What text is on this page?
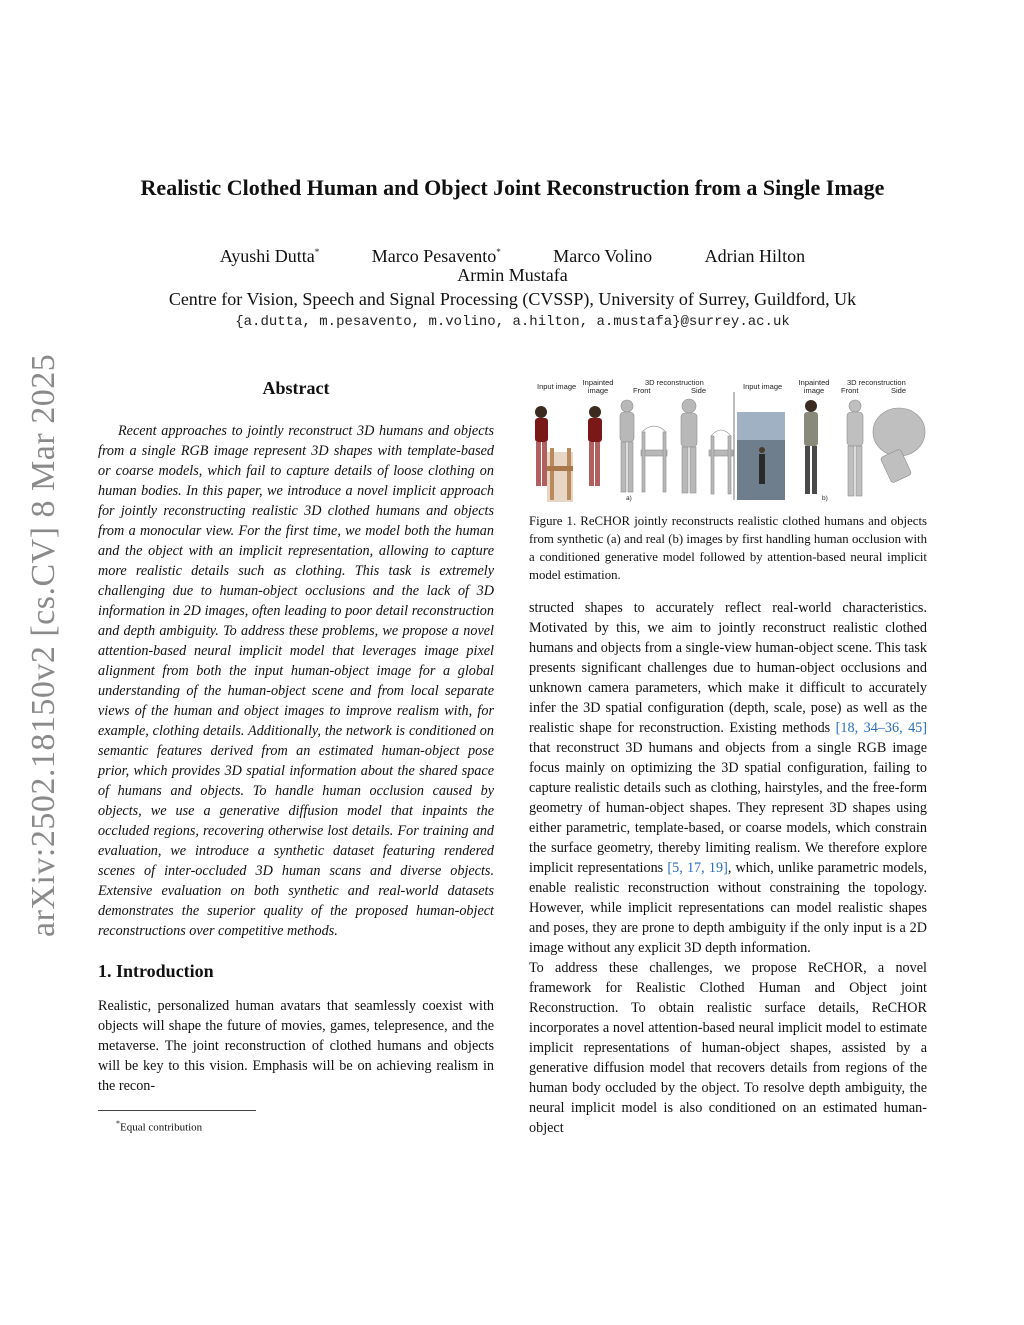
arXiv:2502.18150v2 [cs.CV] 8 Mar 2025
Realistic Clothed Human and Object Joint Reconstruction from a Single Image
Ayushi Dutta*	Marco Pesavento*	Marco Volino	Adrian Hilton
Armin Mustafa
Centre for Vision, Speech and Signal Processing (CVSSP), University of Surrey, Guildford, Uk
{a.dutta, m.pesavento, m.volino, a.hilton, a.mustafa}@surrey.ac.uk
Abstract

Recent approaches to jointly reconstruct 3D humans and objects from a single RGB image represent 3D shapes with template-based or coarse models, which fail to capture details of loose clothing on human bodies. In this paper, we introduce a novel implicit approach for jointly reconstructing realistic 3D clothed humans and objects from a monocular view. For the first time, we model both the human and the object with an implicit representation, allowing to capture more realistic details such as clothing. This task is extremely challenging due to human-object occlusions and the lack of 3D information in 2D images, often leading to poor detail reconstruction and depth ambiguity. To address these problems, we propose a novel attention-based neural implicit model that leverages image pixel alignment from both the input human-object image for a global understanding of the human-object scene and from local separate views of the human and object images to improve realism with, for example, clothing details. Additionally, the network is conditioned on semantic features derived from an estimated human-object pose prior, which provides 3D spatial information about the shared space of humans and objects. To handle human occlusion caused by objects, we use a generative diffusion model that inpaints the occluded regions, recovering otherwise lost details. For training and evaluation, we introduce a synthetic dataset featuring rendered scenes of inter-occluded 3D human scans and diverse objects. Extensive evaluation on both synthetic and real-world datasets demonstrates the superior quality of the proposed human-object reconstructions over competitive methods.

1. Introduction

Realistic, personalized human avatars that seamlessly coexist with objects will shape the future of movies, games, telepresence, and the metaverse. The joint reconstruction of clothed humans and objects will be key to this vision. Emphasis will be on achieving realism in the recon-

*Equal contribution
Input image Inpainted image
3D reconstruction
Front	Side	Input image Inpainted image
3D reconstruction
Front	Side
a)	b)

Figure 1. ReCHOR jointly reconstructs realistic clothed humans and objects from synthetic (a) and real (b) images by first handling human occlusion with a conditioned generative model followed by attention-based neural implicit model estimation.

structed shapes to accurately reflect real-world characteristics. Motivated by this, we aim to jointly reconstruct realistic clothed humans and objects from a single-view human-object scene. This task presents significant challenges due to human-object occlusions and unknown camera parameters, which make it difficult to accurately infer the 3D spatial configuration (depth, scale, pose) as well as the realistic shape for reconstruction. Existing methods [18, 34–36, 45] that reconstruct 3D humans and objects from a single RGB image focus mainly on optimizing the 3D spatial configuration, failing to capture realistic details such as clothing, hairstyles, and the free-form geometry of human-object shapes. They represent 3D shapes using either parametric, template-based, or coarse models, which constrain the surface geometry, thereby limiting realism. We therefore explore implicit representations [5, 17, 19], which, unlike parametric models, enable realistic reconstruction without constraining the topology. However, while implicit representations can model realistic shapes and poses, they are prone to depth ambiguity if the only input is a 2D image without any explicit 3D depth information.

To address these challenges, we propose ReCHOR, a novel framework for Realistic Clothed Human and Object joint Reconstruction. To obtain realistic surface details, ReCHOR incorporates a novel attention-based neural implicit model to estimate implicit representations of human-object shapes, assisted by a generative diffusion model that recovers details from regions of the human body occluded by the object. To resolve depth ambiguity, the neural implicit model is also conditioned on an estimated human-object
